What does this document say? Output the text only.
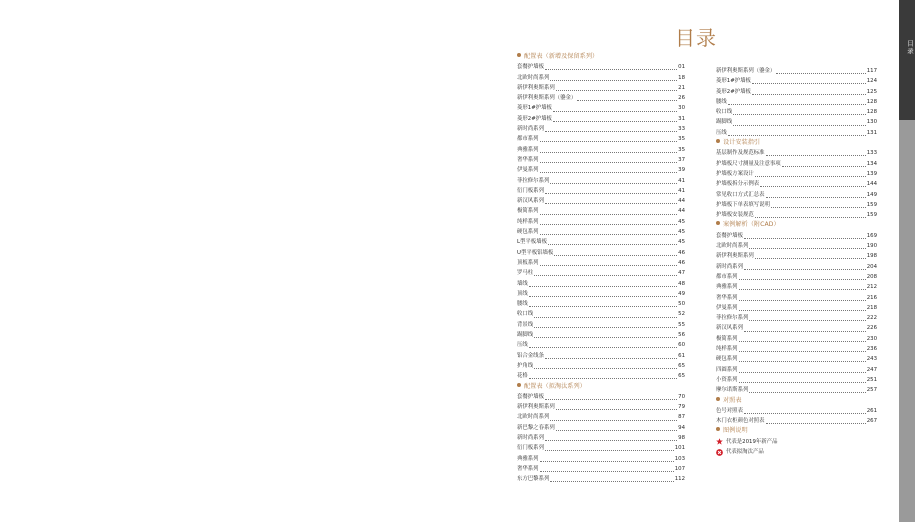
目录
目录
配置表（新增及保留系列）
套餐护墙板	01
北欧时尚系列	18
新伊利奥斯系列	21
新伊利奥斯系列（鎏金）	26
菱形1#护墙板	30
菱形2#护墙板	31
新时尚系列	33
都市系列	35
典雅系列	35
奢华系列	37
伊曼系列	39
菲拉修尔系列	41
衍门板系列	41
新汉风系列	44
极简系列	44
纯样系列	45
硬包系列	45
L型平板墙板	45
U型平板铝墙板	46
顶板系列	46
罗马柱	47
墙线	48
顶线	49
腰线	50
收口线	52
背景线	55
踢脚线	56
压线	60
铝合金线条	61
护角线	65
花格	65
配置表（拟淘汰系列）
套餐护墙板	70
新伊利奥斯系列	79
北欧时尚系列	87
新巴黎之春系列	94
新时尚系列	98
衍门板系列	101
典雅系列	103
奢华系列	107
东方巴黎系列	112
新伊利奥斯系列（鎏金）	117
菱形1#护墙板	124
菱形2#护墙板	125
腰线	128
收口线	128
踢脚线	130
压线	131
设计安装指引
基层制作及规范标准	133
护墙板尺寸测量及注意事项	134
护墙板方案设计	139
护墙板拆分示例表	144
常见收口方式汇总表	149
护墙板下单表填写说明	159
护墙板安装规范	159
案例解析（附CAD）
套餐护墙板	169
北欧时尚系列	190
新伊利奥斯系列	198
新时尚系列	204
都市系列	208
典雅系列	212
奢华系列	216
伊曼系列	218
菲拉修尔系列	222
新汉风系列	226
极简系列	230
纯样系列	236
硬包系列	243
四圆系列	247
小资系列	251
摩尔诺斯系列	257
对照表
色号对照表	261
木门衣柜颜色对照表	267
图例说明
代表是2019年新产品
代表拟淘汰产品
